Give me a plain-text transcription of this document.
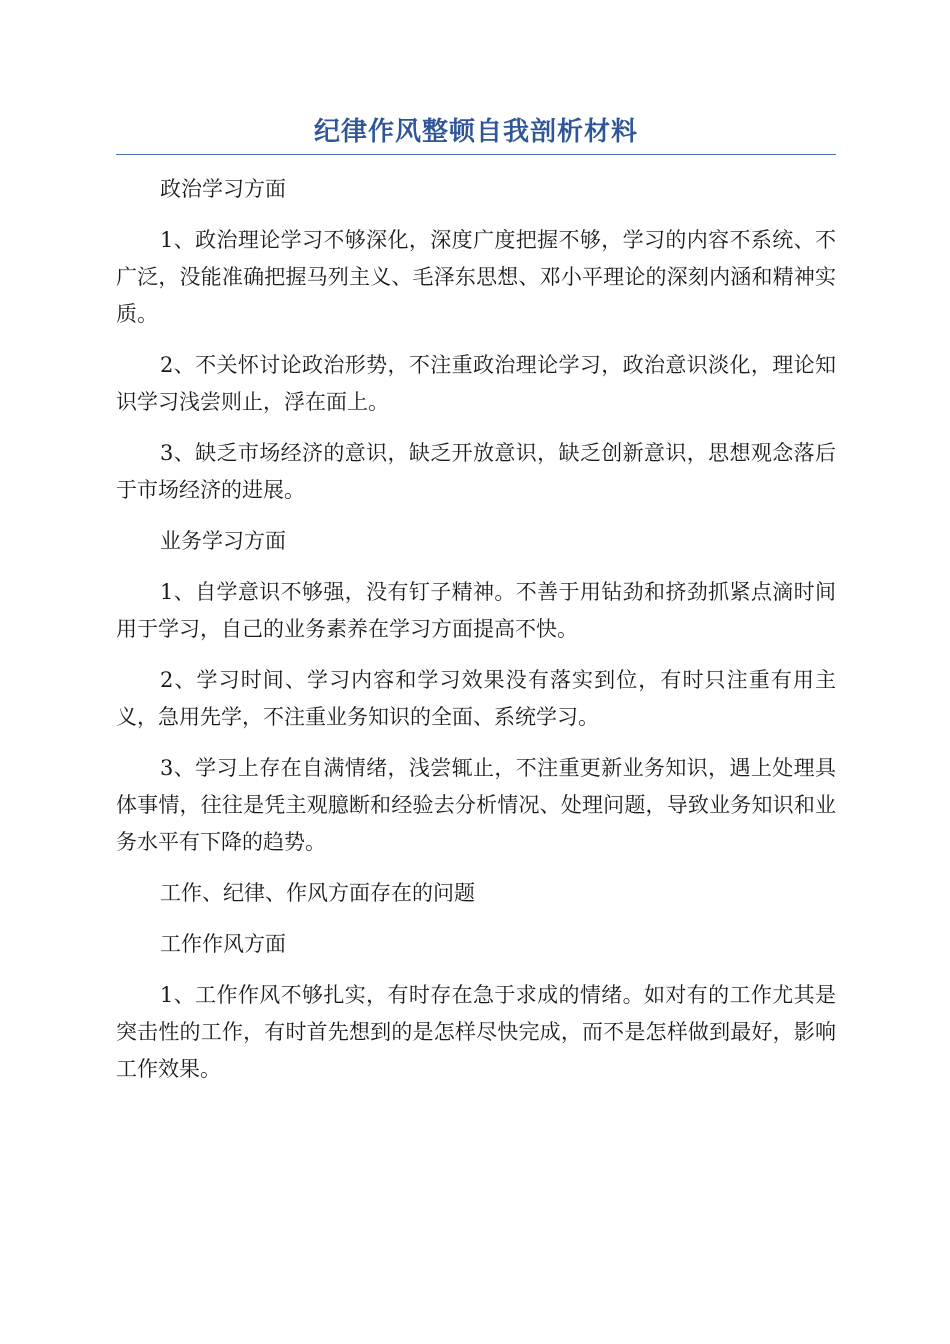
纪律作风整顿自我剖析材料

政治学习方面

1、政治理论学习不够深化，深度广度把握不够，学习的内容不系统、不广泛，没能准确把握马列主义、毛泽东思想、邓小平理论的深刻内涵和精神实质。

2、不关怀讨论政治形势，不注重政治理论学习，政治意识淡化，理论知识学习浅尝则止，浮在面上。

3、缺乏市场经济的意识，缺乏开放意识，缺乏创新意识，思想观念落后于市场经济的进展。

业务学习方面

1、自学意识不够强，没有钉子精神。不善于用钻劲和挤劲抓紧点滴时间用于学习，自己的业务素养在学习方面提高不快。

2、学习时间、学习内容和学习效果没有落实到位，有时只注重有用主义，急用先学，不注重业务知识的全面、系统学习。

3、学习上存在自满情绪，浅尝辄止，不注重更新业务知识，遇上处理具体事情，往往是凭主观臆断和经验去分析情况、处理问题，导致业务知识和业务水平有下降的趋势。

工作、纪律、作风方面存在的问题

工作作风方面

1、工作作风不够扎实，有时存在急于求成的情绪。如对有的工作尤其是突击性的工作，有时首先想到的是怎样尽快完成，而不是怎样做到最好，影响工作效果。
